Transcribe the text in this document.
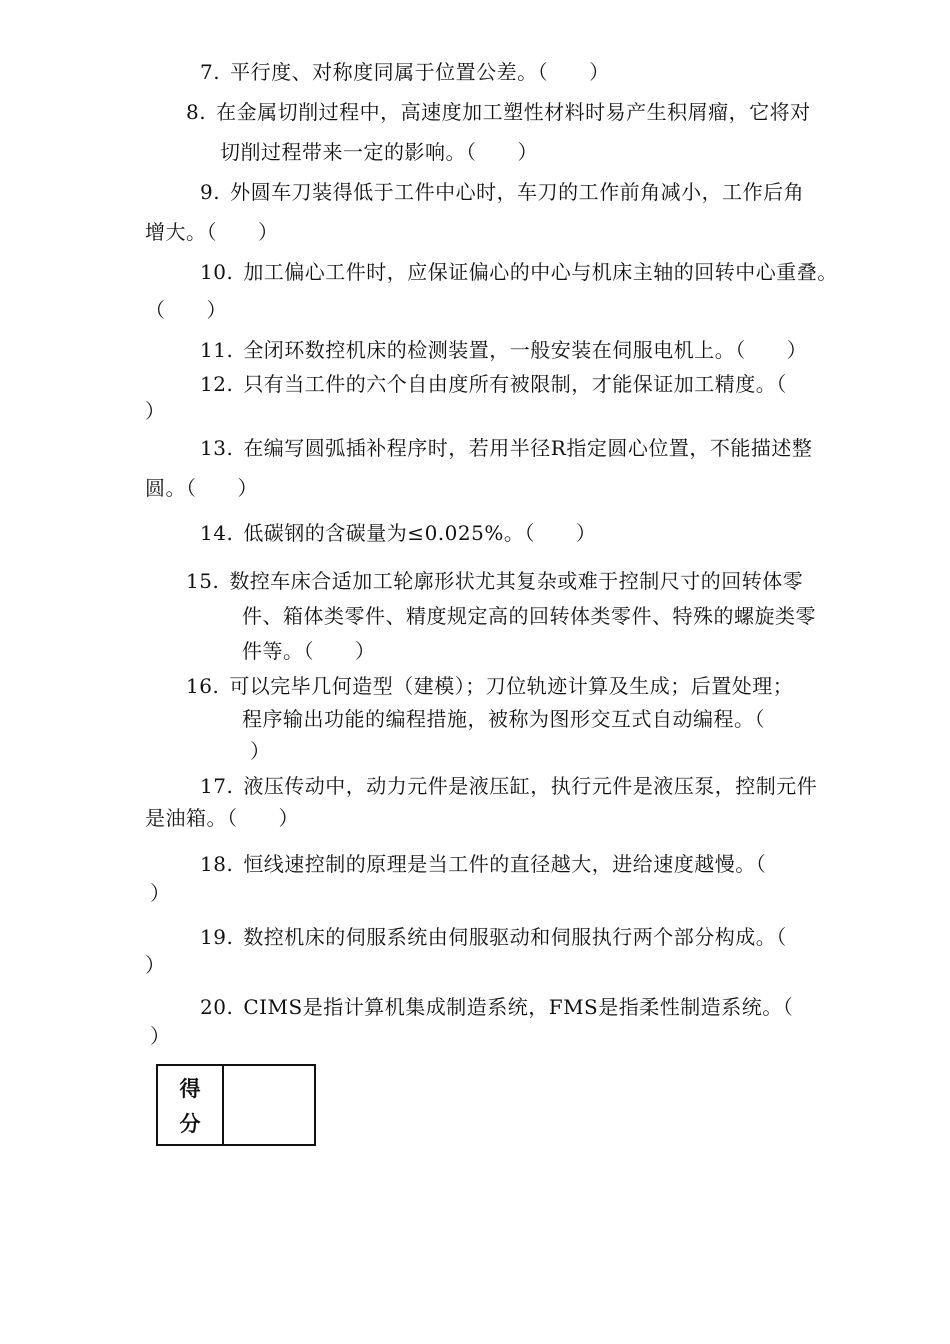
7. 平行度、对称度同属于位置公差。（　　）
8. 在金属切削过程中，高速度加工塑性材料时易产生积屑瘤，它将对
切削过程带来一定的影响。（　　）
9. 外圆车刀装得低于工件中心时，车刀的工作前角减小，工作后角
增大。（　　）
10. 加工偏心工件时，应保证偏心的中心与机床主轴的回转中心重叠。
（　　）
11. 全闭环数控机床的检测装置，一般安装在伺服电机上。（　　）
12. 只有当工件的六个自由度所有被限制，才能保证加工精度。（
）
13. 在编写圆弧插补程序时，若用半径R指定圆心位置，不能描述整
圆。（　　）
14. 低碳钢的含碳量为≤0.025%。（　　）
15. 数控车床合适加工轮廓形状尤其复杂或难于控制尺寸的回转体零
件、箱体类零件、精度规定高的回转体类零件、特殊的螺旋类零
件等。（　　）
16. 可以完毕几何造型（建模）；刀位轨迹计算及生成；后置处理；
程序输出功能的编程措施，被称为图形交互式自动编程。（
）
17. 液压传动中，动力元件是液压缸，执行元件是液压泵，控制元件
是油箱。（　　）
18. 恒线速控制的原理是当工件的直径越大，进给速度越慢。（
）
19. 数控机床的伺服系统由伺服驱动和伺服执行两个部分构成。（
）
20. CIMS是指计算机集成制造系统，FMS是指柔性制造系统。（
）
得
分
